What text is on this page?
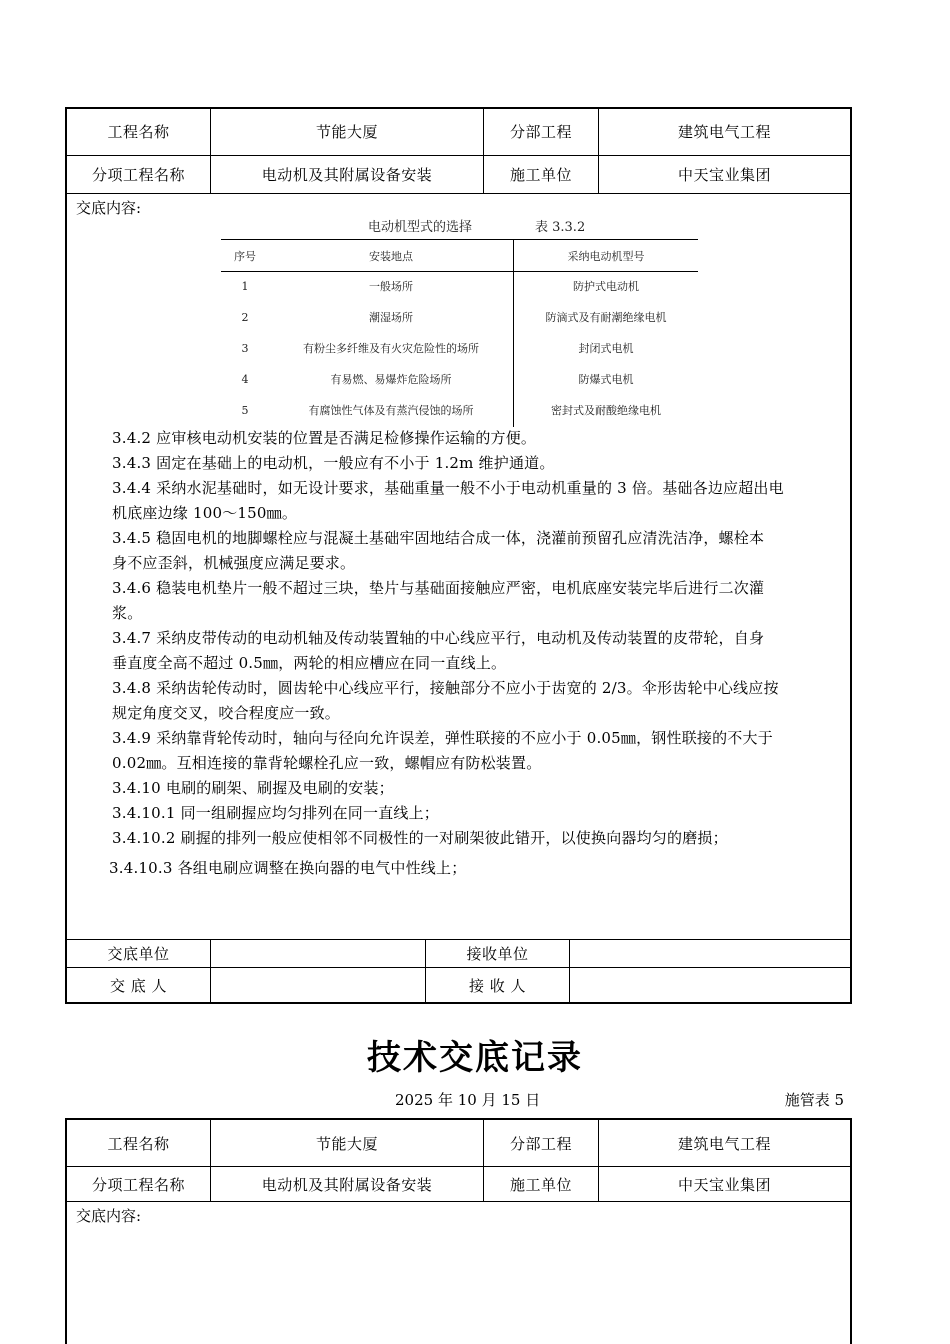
工程名称	节能大厦	分部工程	建筑电气工程
分项工程名称	电动机及其附属设备安装	施工单位	中天宝业集团
交底内容:
电动机型式的选择	表 3.3.2
序号	安装地点	采纳电动机型号
1	一般场所	防护式电动机
2	潮湿场所	防滴式及有耐潮绝缘电机
3	有粉尘多纤维及有火灾危险性的场所	封闭式电机
4	有易燃、易爆炸危险场所	防爆式电机
5	有腐蚀性气体及有蒸汽侵蚀的场所	密封式及耐酸绝缘电机
3.4.2 应审核电动机安装的位置是否满足检修操作运输的方便。
3.4.3 固定在基础上的电动机，一般应有不小于 1.2m 维护通道。
3.4.4 采纳水泥基础时，如无设计要求，基础重量一般不小于电动机重量的 3 倍。基础各边应超出电
机底座边缘 100～150㎜。
3.4.5 稳固电机的地脚螺栓应与混凝土基础牢固地结合成一体，浇灌前预留孔应清洗洁净，螺栓本
身不应歪斜，机械强度应满足要求。
3.4.6 稳装电机垫片一般不超过三块，垫片与基础面接触应严密，电机底座安装完毕后进行二次灌
浆。
3.4.7 采纳皮带传动的电动机轴及传动装置轴的中心线应平行，电动机及传动装置的皮带轮，自身
垂直度全高不超过 0.5㎜，两轮的相应槽应在同一直线上。
3.4.8 采纳齿轮传动时，圆齿轮中心线应平行，接触部分不应小于齿宽的 2/3。伞形齿轮中心线应按
规定角度交叉，咬合程度应一致。
3.4.9 采纳靠背轮传动时，轴向与径向允许误差，弹性联接的不应小于 0.05㎜，钢性联接的不大于
0.02㎜。互相连接的靠背轮螺栓孔应一致，螺帽应有防松装置。
3.4.10 电刷的刷架、刷握及电刷的安装；
3.4.10.1 同一组刷握应均匀排列在同一直线上；
3.4.10.2 刷握的排列一般应使相邻不同极性的一对刷架彼此错开，以使换向器均匀的磨损；
3.4.10.3 各组电刷应调整在换向器的电气中性线上；
交底单位	接收单位
交 底 人	接 收 人
技术交底记录
2025 年 10 月 15 日	施管表 5
工程名称	节能大厦	分部工程	建筑电气工程
分项工程名称	电动机及其附属设备安装	施工单位	中天宝业集团
交底内容:
